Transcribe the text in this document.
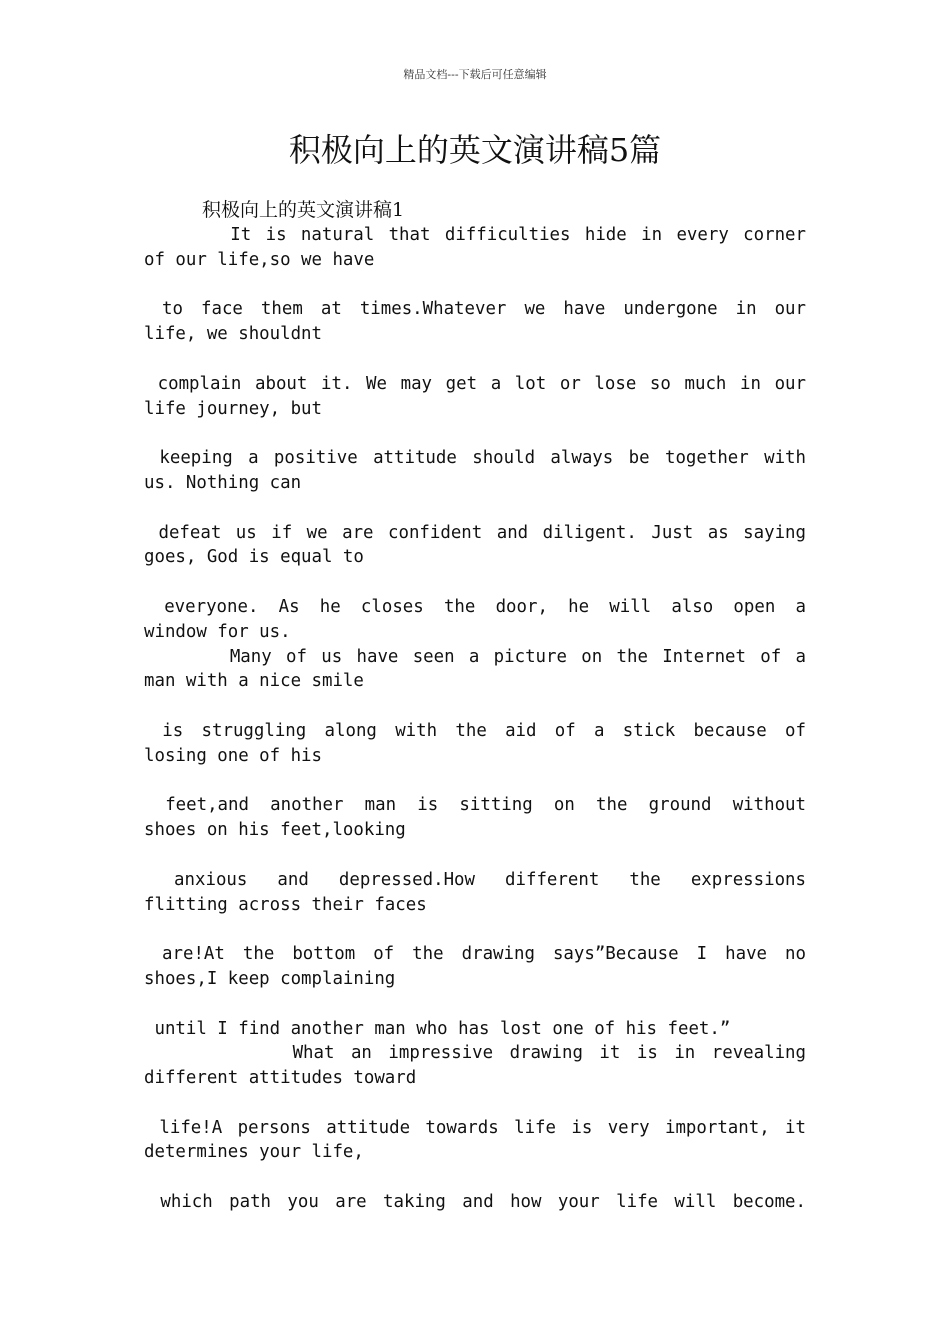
精品文档---下载后可任意编辑
积极向上的英文演讲稿5篇
积极向上的英文演讲稿1
It is natural that difficulties hide in every corner
of our life,so we have
to face them at times.Whatever we have undergone in our
life, we shouldnt
complain about it. We may get a lot or lose so much in our
life journey, but
keeping a positive attitude should always be together with
us. Nothing can
defeat us if we are confident and diligent. Just as saying
goes, God is equal to
everyone. As he closes the door, he will also open a
window for us.
Many of us have seen a picture on the Internet of a
man with a nice smile
is struggling along with the aid of a stick because of
losing one of his
feet,and another man is sitting on the ground without
shoes on his feet,looking
anxious and depressed.How different the expressions
flitting across their faces
are!At the bottom of the drawing says”Because I have no
shoes,I keep complaining
until I find another man who has lost one of his feet.”
What an impressive drawing it is in revealing
different attitudes toward
life!A persons attitude towards life is very important, it
determines your life,
which path you are taking and how your life will become.
